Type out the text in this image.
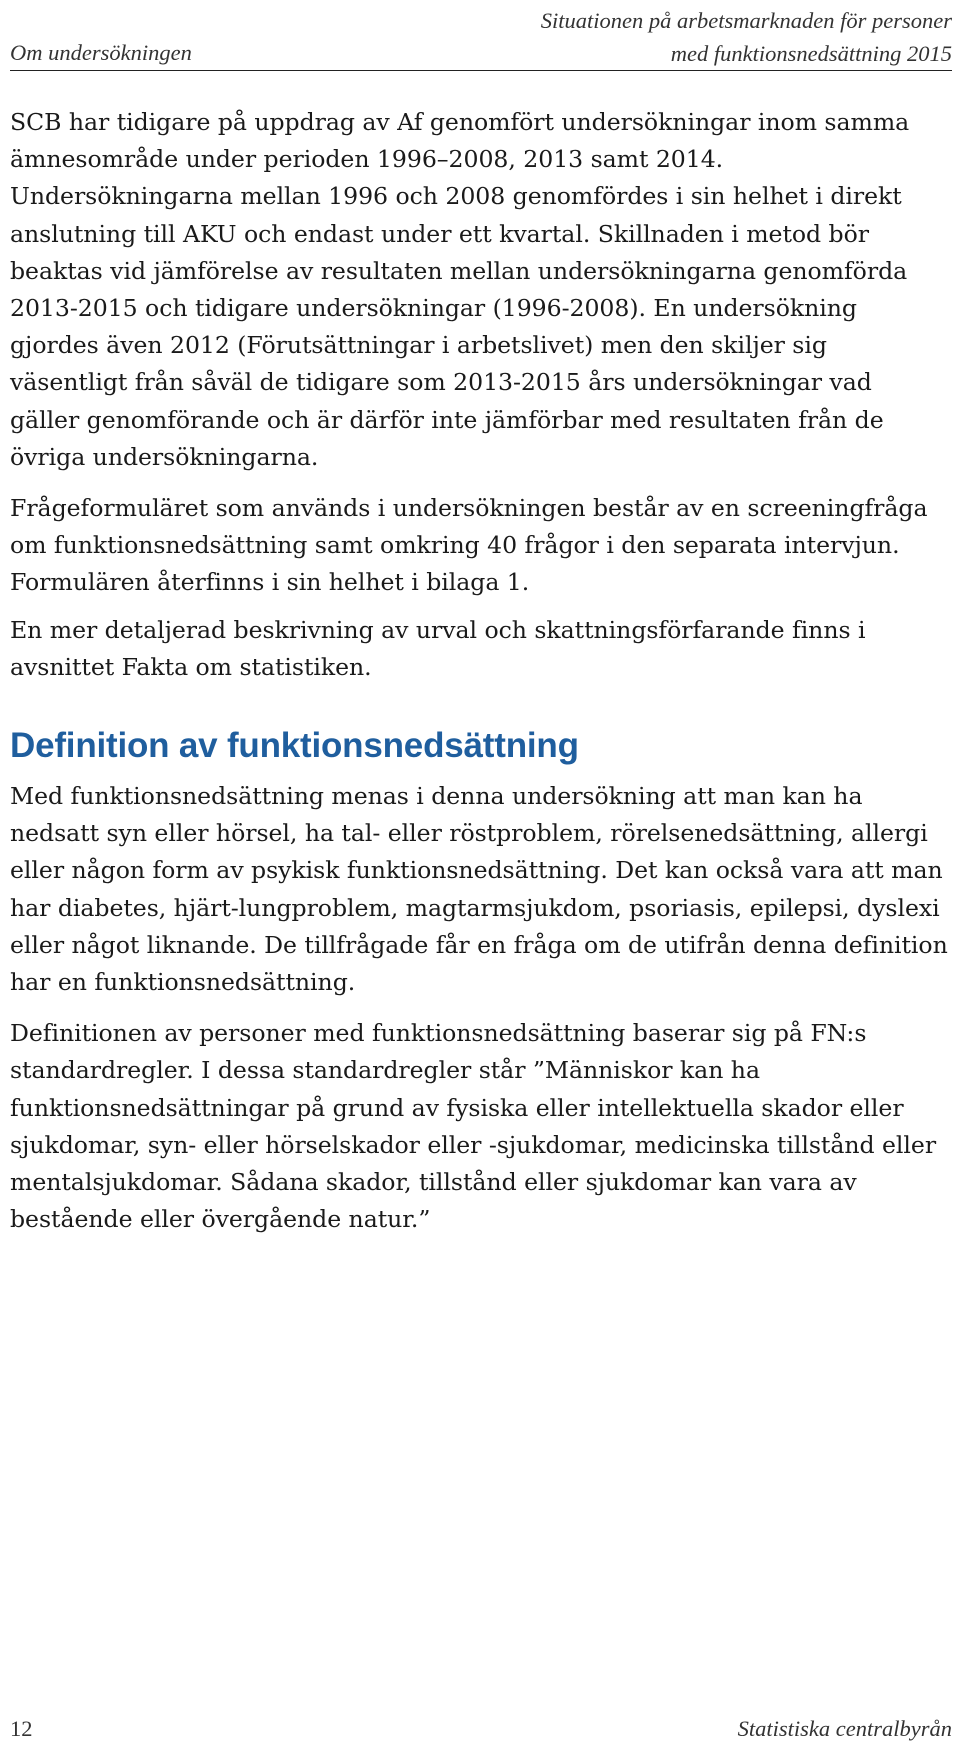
Om undersökningen
Situationen på arbetsmarknaden för personer
med funktionsnedsättning 2015

SCB har tidigare på uppdrag av Af genomfört undersökningar inom samma ämnesområde under perioden 1996–2008, 2013 samt 2014. Undersökningarna mellan 1996 och 2008 genomfördes i sin helhet i direkt anslutning till AKU och endast under ett kvartal. Skillnaden i metod bör beaktas vid jämförelse av resultaten mellan undersökningarna genomförda 2013-2015 och tidigare undersökningar (1996-2008). En undersökning gjordes även 2012 (Förutsättningar i arbetslivet) men den skiljer sig väsentligt från såväl de tidigare som 2013-2015 års undersökningar vad gäller genomförande och är därför inte jämförbar med resultaten från de övriga undersökningarna.

Frågeformuläret som används i undersökningen består av en screeningfråga om funktionsnedsättning samt omkring 40 frågor i den separata intervjun. Formulären återfinns i sin helhet i bilaga 1.

En mer detaljerad beskrivning av urval och skattningsförfarande finns i avsnittet Fakta om statistiken.

Definition av funktionsnedsättning

Med funktionsnedsättning menas i denna undersökning att man kan ha nedsatt syn eller hörsel, ha tal- eller röstproblem, rörelsenedsättning, allergi eller någon form av psykisk funktionsnedsättning. Det kan också vara att man har diabetes, hjärt-lungproblem, magtarmsjukdom, psoriasis, epilepsi, dyslexi eller något liknande. De tillfrågade får en fråga om de utifrån denna definition har en funktionsnedsättning.

Definitionen av personer med funktionsnedsättning baserar sig på FN:s standardregler. I dessa standardregler står ”Människor kan ha funktionsnedsättningar på grund av fysiska eller intellektuella skador eller sjukdomar, syn- eller hörselskador eller -sjukdomar, medicinska tillstånd eller mentalsjukdomar. Sådana skador, tillstånd eller sjukdomar kan vara av bestående eller övergående natur.”

12	Statistiska centralbyrån
